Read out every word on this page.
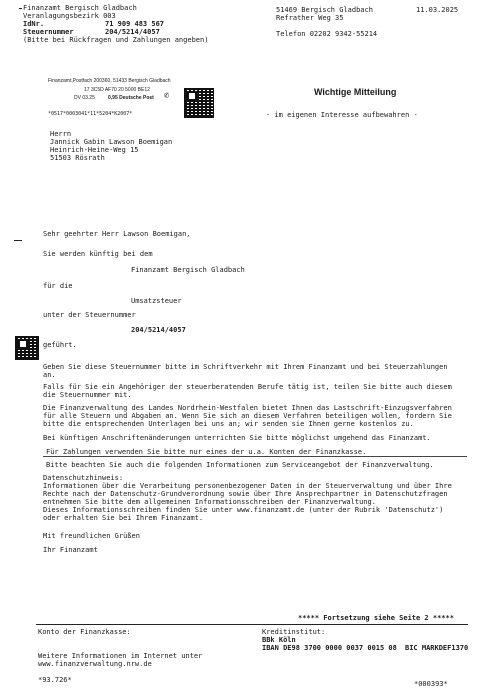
Finanzamt Bergisch Gladbach
Veranlagungsbezirk 003
IdNr.	71 909 483 567
Steuernummer	204/5214/4057
(Bitte bei Rückfragen und Zahlungen angeben)
51469 Bergisch Gladbach	11.03.2025
Refrather Weg 35
Telefon 02202 9342-55214
Finanzamt,Postfach 200360, 51433 Bergisch Gladbach
17 3C5D AF70 20 5000 BE12
DV 03.25	0,95 Deutsche Post ✆
*0517*0003041*11*5204*K2007*
Wichtige Mitteilung
- im eigenen Interesse aufbewahren -
Herrn
Jannick Gabin Lawson Boemigan
Heinrich-Heine-Weg 15
51503 Rösrath
Sehr geehrter Herr Lawson Boemigan,
Sie werden künftig bei dem
Finanzamt Bergisch Gladbach
für die
Umsatzsteuer
unter der Steuernummer
204/5214/4057
geführt.
Geben Sie diese Steuernummer bitte im Schriftverkehr mit Ihrem Finanzamt und bei Steuerzahlungen
an.
Falls für Sie ein Angehöriger der steuerberatenden Berufe tätig ist, teilen Sie bitte auch diesem
die Steuernummer mit.
Die Finanzverwaltung des Landes Nordrhein-Westfalen bietet Ihnen das Lastschrift-Einzugsverfahren
für alle Steuern und Abgaben an. Wenn Sie sich an diesem Verfahren beteiligen wollen, fordern Sie
bitte die entsprechenden Unterlagen bei uns an; wir senden sie Ihnen gerne kostenlos zu.
Bei künftigen Anschriftenänderungen unterrichten Sie bitte möglichst umgehend das Finanzamt.
Für Zahlungen verwenden Sie bitte nur eines der u.a. Konten der Finanzkasse.
Bitte beachten Sie auch die folgenden Informationen zum Serviceangebot der Finanzverwaltung.
Datenschutzhinweis:
Informationen über die Verarbeitung personenbezogener Daten in der Steuerverwaltung und über Ihre
Rechte nach der Datenschutz-Grundverordnung sowie über Ihre Ansprechpartner in Datenschutzfragen
entnehmen Sie bitte dem allgemeinen Informationsschreiben der Finanzverwaltung.
Dieses Informationsschreiben finden Sie unter www.finanzamt.de (unter der Rubrik 'Datenschutz')
oder erhalten Sie bei Ihrem Finanzamt.
Mit freundlichen Grüßen
Ihr Finanzamt
***** Fortsetzung siehe Seite 2 *****
Konto der Finanzkasse:	Kreditinstitut:
BBk Köln
IBAN DE98 3700 0000 0037 0015 08 BIC MARKDEF1370
Weitere Informationen im Internet unter
www.finanzverwaltung.nrw.de
*93.726*	*000393*
